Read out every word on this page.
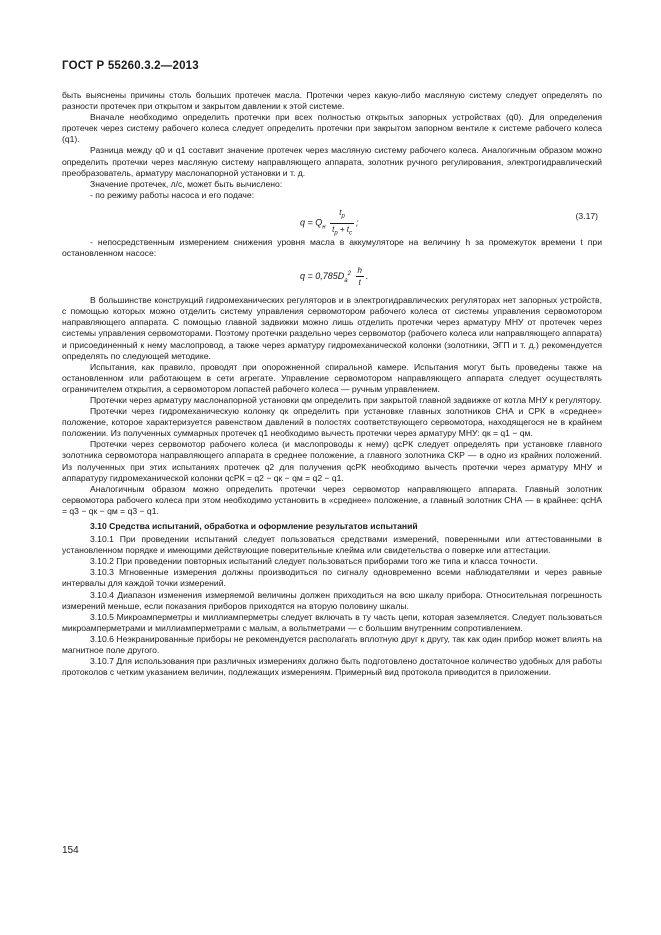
ГОСТ Р 55260.3.2—2013

быть выяснены причины столь больших протечек масла. Протечки через какую-либо масляную систему следует определять по разности протечек при открытом и закрытом давлении к этой системе.

Вначале необходимо определить протечки при всех полностью открытых запорных устройствах (q0). Для определения протечек через систему рабочего колеса следует определить протечки при закрытом запорном вентиле к системе рабочего колеса (q1).

Разница между q0 и q1 составит значение протечек через масляную систему рабочего колеса. Аналогичным образом можно определить протечки через масляную систему направляющего аппарата, золотник ручного регулирования, электрогидравлический преобразователь, арматуру маслонапорной установки и т. д.

Значение протечек, л/с, может быть вычислено:

- по режиму работы насоса и его подаче:

$q = Q_н \frac{t_р}{t_р + t_с}$ ;
(3.17)

- непосредственным измерением снижения уровня масла в аккумуляторе на величину h за промежуток времени t при остановленном насосе:

$q = 0,785D_а^2 \frac{h}{t}$ .

В большинстве конструкций гидромеханических регуляторов и в электрогидравлических регуляторах нет запорных устройств, с помощью которых можно отделить систему управления сервомотором рабочего колеса от системы управления сервомотором направляющего аппарата. С помощью главной задвижки можно лишь отделить протечки через арматуру МНУ от протечек через системы управления сервомоторами. Поэтому протечки раздельно через сервомотор (рабочего колеса или направляющего аппарата) и присоединенный к нему маслопровод, а также через арматуру гидромеханической колонки (золотники, ЭГП и т. д.) рекомендуется определять по следующей методике.

Испытания, как правило, проводят при опорожненной спиральной камере. Испытания могут быть проведены также на остановленном или работающем в сети агрегате. Управление сервомотором направляющего аппарата следует осуществлять ограничителем открытия, а сервомотором лопастей рабочего колеса — ручным управлением.

Протечки через арматуру маслонапорной установки qм определить при закрытой главной задвижке от котла МНУ к регулятору.

Протечки через гидромеханическую колонку qк определить при установке главных золотников СНА и СРК в «среднее» положение, которое характеризуется равенством давлений в полостях соответствующего сервомотора, находящегося не в крайнем положении. Из полученных суммарных протечек q1 необходимо вычесть протечки через арматуру МНУ: qк = q1 − qм.

Протечки через сервомотор рабочего колеса (и маслопроводы к нему) qсРК следует определять при установке главного золотника сервомотора направляющего аппарата в среднее положение, а главного золотника СКР — в одно из крайних положений. Из полученных при этих испытаниях протечек q2 для получения qсРК необходимо вычесть протечки через арматуру МНУ и аппаратуру гидромеханической колонки qсРК = q2 − qк − qм = q2 − q1.

Аналогичным образом можно определить протечки через сервомотор направляющего аппарата. Главный золотник сервомотора рабочего колеса при этом необходимо установить в «среднее» положение, а главный золотник СНА — в крайнее: qсНА = q3 − qк − qм = q3 − q1.

3.10 Средства испытаний, обработка и оформление результатов испытаний

3.10.1 При проведении испытаний следует пользоваться средствами измерений, поверенными или аттестованными в установленном порядке и имеющими действующие поверительные клейма или свидетельства о поверке или аттестации.

3.10.2 При проведении повторных испытаний следует пользоваться приборами того же типа и класса точности.

3.10.3 Мгновенные измерения должны производиться по сигналу одновременно всеми наблюдателями и через равные интервалы для каждой точки измерений.

3.10.4 Диапазон изменения измеряемой величины должен приходиться на всю шкалу прибора. Относительная погрешность измерений меньше, если показания приборов приходятся на вторую половину шкалы.

3.10.5 Микроамперметры и миллиамперметры следует включать в ту часть цепи, которая заземляется. Следует пользоваться микроамперметрами и миллиамперметрами с малым, а вольтметрами — с большим внутренним сопротивлением.

3.10.6 Неэкранированные приборы не рекомендуется располагать вплотную друг к другу, так как один прибор может влиять на магнитное поле другого.

3.10.7 Для использования при различных измерениях должно быть подготовлено достаточное количество удобных для работы протоколов с четким указанием величин, подлежащих измерениям. Примерный вид протокола приводится в приложении.

154
